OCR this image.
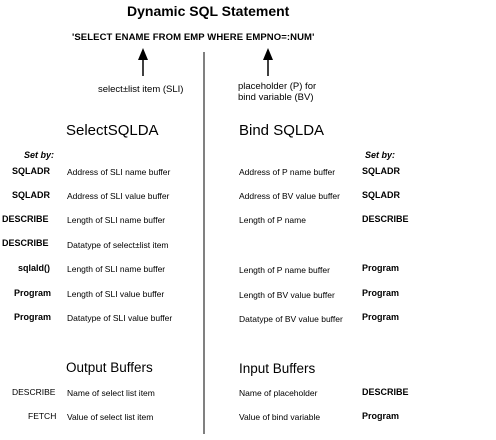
Dynamic SQL Statement
'SELECT ENAME FROM EMP WHERE EMPNO=:NUM'
select±list item (SLI)	placeholder (P) for
bind variable (BV)
SelectSQLDA
Set by:
SQLADR Address of SLI name buffer
SQLADR Address of SLI value buffer
DESCRIBE Length of SLI name buffer
DESCRIBE Datatype of select±list item
sqlald() Length of SLI name buffer
Program Length of SLI value buffer
Program Datatype of SLI value buffer
Output Buffers
DESCRIBE Name of select list item
FETCH Value of select list item
Bind SQLDA
Set by:
Address of P name buffer	SQLADR
Address of BV value buffer SQLADR
Length of P name	DESCRIBE
Length of P name buffer	Program
Length of BV value buffer	Program
Datatype of BV value buffer Program
Input Buffers
Name of placeholder	DESCRIBE
Value of bind variable	Program
